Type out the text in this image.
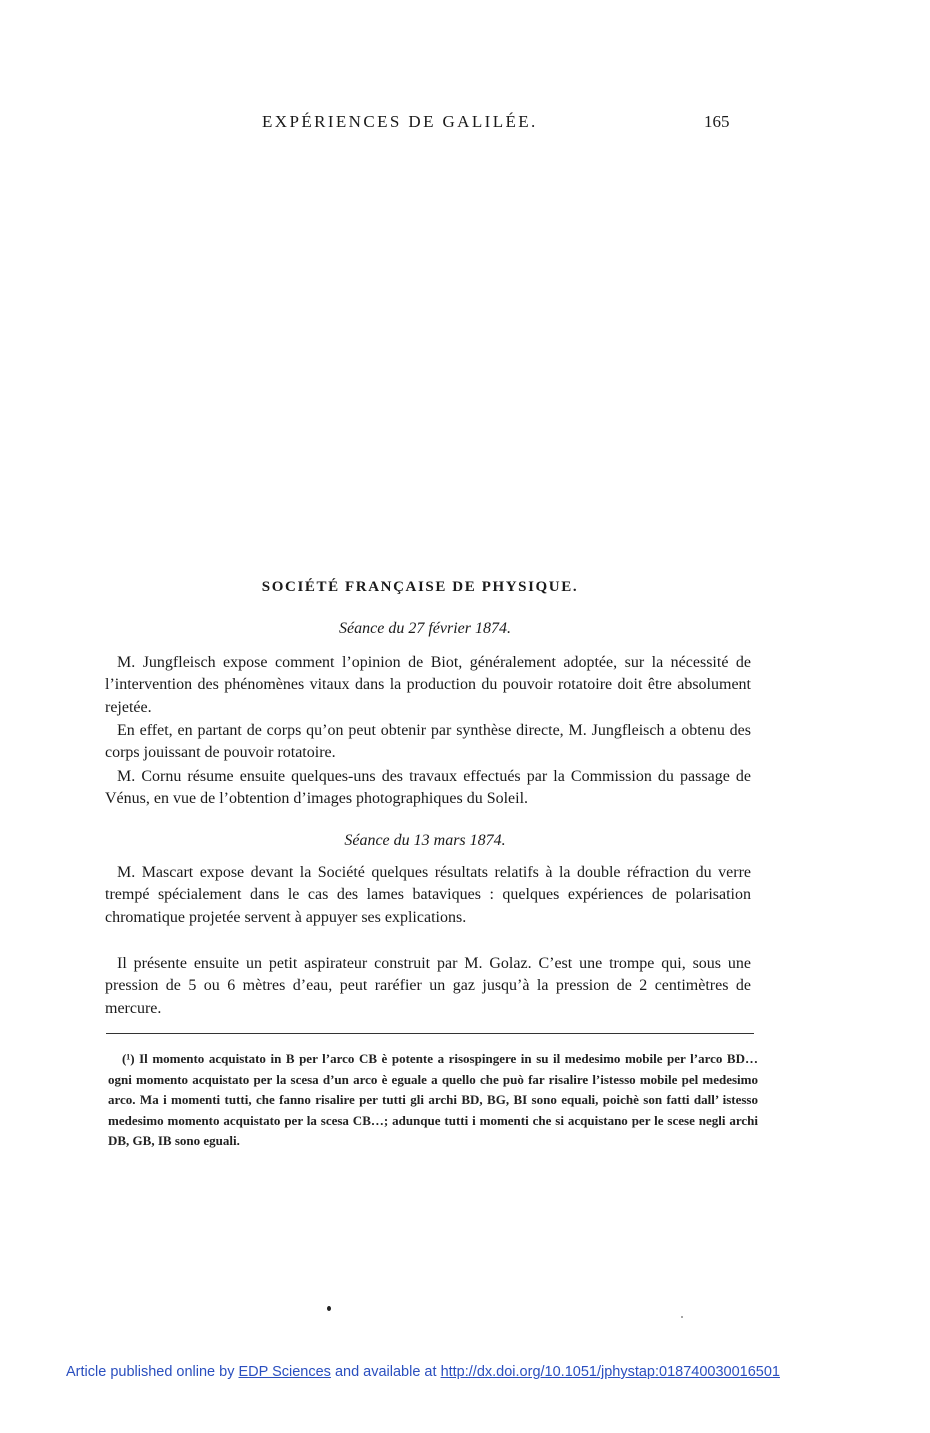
EXPÉRIENCES DE GALILÉE.	165
SOCIÉTÉ FRANÇAISE DE PHYSIQUE.
Séance du 27 février 1874.

M. Jungfleisch expose comment l’opinion de Biot, généralement adoptée, sur la nécessité de l’intervention des phénomènes vitaux dans la production du pouvoir rotatoire doit être absolument rejetée.

En effet, en partant de corps qu’on peut obtenir par synthèse directe, M. Jungfleisch a obtenu des corps jouissant de pouvoir rotatoire.

M. Cornu résume ensuite quelques-uns des travaux effectués par la Commission du passage de Vénus, en vue de l’obtention d’images photographiques du Soleil.

Séance du 13 mars 1874.

M. Mascart expose devant la Société quelques résultats relatifs à la double réfraction du verre trempé spécialement dans le cas des lames bataviques : quelques expériences de polarisation chromatique projetée servent à appuyer ses explications.

Il présente ensuite un petit aspirateur construit par M. Golaz. C’est une trompe qui, sous une pression de 5 ou 6 mètres d’eau, peut raréfier un gaz jusqu’à la pression de 2 centimètres de mercure.

(¹) Il momento acquistato in B per l’arco CB è potente a risospingere in su il medesimo mobile per l’arco BD… ogni momento acquistato per la scesa d’un arco è eguale a quello che può far risalire l’istesso mobile pel medesimo arco. Ma i momenti tutti, che fanno risalire per tutti gli archi BD, BG, BI sono equali, poichè son fatti dall’ istesso medesimo momento acquistato per la scesa CB…; adunque tutti i momenti che si acquistano per le scese negli archi DB, GB, IB sono eguali.

Article published online by EDP Sciences and available at http://dx.doi.org/10.1051/jphystap:018740030016501
